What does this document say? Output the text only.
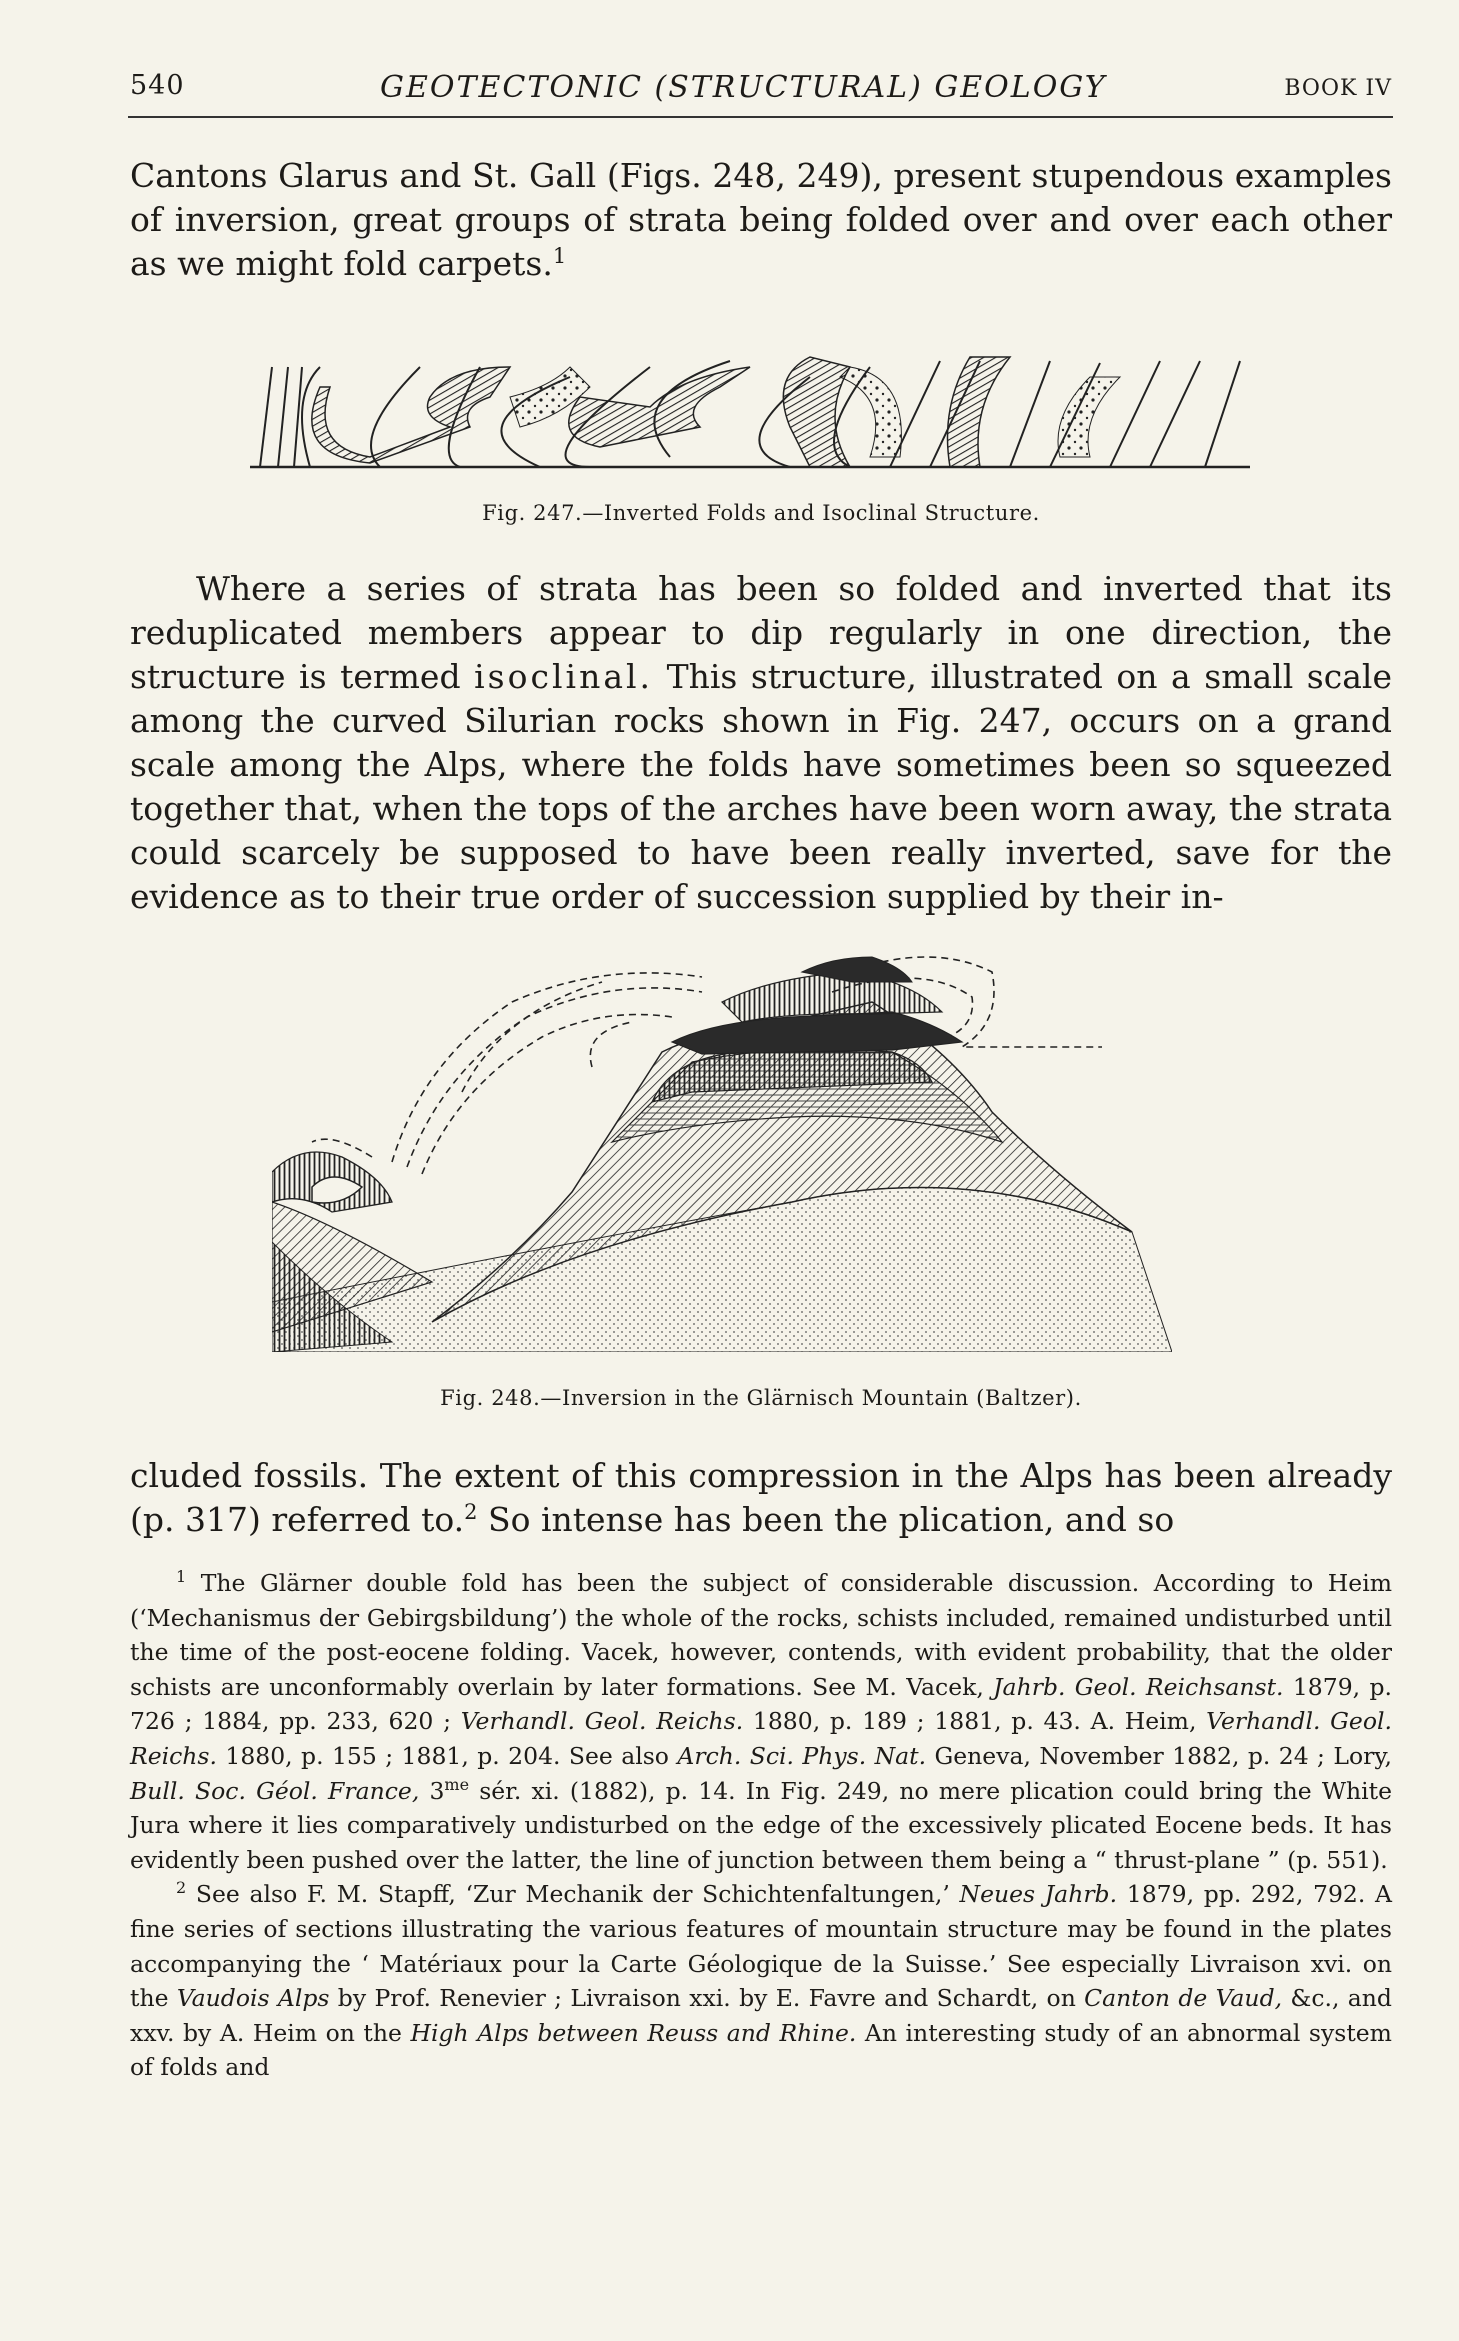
540	GEOTECTONIC (STRUCTURAL) GEOLOGY	BOOK IV

Cantons Glarus and St. Gall (Figs. 248, 249), present stupendous examples of inversion, great groups of strata being folded over and over each other as we might fold carpets.$^1$

Fig. 247.—Inverted Folds and Isoclinal Structure.

Where a series of strata has been so folded and inverted that its reduplicated members appear to dip regularly in one direction, the structure is termed isoclinal. This structure, illustrated on a small scale among the curved Silurian rocks shown in Fig. 247, occurs on a grand scale among the Alps, where the folds have sometimes been so squeezed together that, when the tops of the arches have been worn away, the strata could scarcely be supposed to have been really inverted, save for the evidence as to their true order of succession supplied by their in-

Fig. 248.—Inversion in the Glärnisch Mountain (Baltzer).

cluded fossils. The extent of this compression in the Alps has been already (p. 317) referred to.$^2$ So intense has been the plication, and so

$^1$ The Glärner double fold has been the subject of considerable discussion. According to Heim (‘Mechanismus der Gebirgsbildung’) the whole of the rocks, schists included, remained undisturbed until the time of the post-eocene folding. Vacek, however, contends, with evident probability, that the older schists are unconformably overlain by later formations. See M. Vacek, Jahrb. Geol. Reichsanst. 1879, p. 726 ; 1884, pp. 233, 620 ; Verhandl. Geol. Reichs. 1880, p. 189 ; 1881, p. 43. A. Heim, Verhandl. Geol. Reichs. 1880, p. 155 ; 1881, p. 204. See also Arch. Sci. Phys. Nat. Geneva, November 1882, p. 24 ; Lory, Bull. Soc. Géol. France, $3^{me}$ sér. xi. (1882), p. 14. In Fig. 249, no mere plication could bring the White Jura where it lies comparatively undisturbed on the edge of the excessively plicated Eocene beds. It has evidently been pushed over the latter, the line of junction between them being a “ thrust-plane ” (p. 551).

$^2$ See also F. M. Stapff, ‘Zur Mechanik der Schichtenfaltungen,’ Neues Jahrb. 1879, pp. 292, 792. A fine series of sections illustrating the various features of mountain structure may be found in the plates accompanying the ‘ Matériaux pour la Carte Géologique de la Suisse.’ See especially Livraison xvi. on the Vaudois Alps by Prof. Renevier ; Livraison xxi. by E. Favre and Schardt, on Canton de Vaud, &c., and xxv. by A. Heim on the High Alps between Reuss and Rhine. An interesting study of an abnormal system of folds and
